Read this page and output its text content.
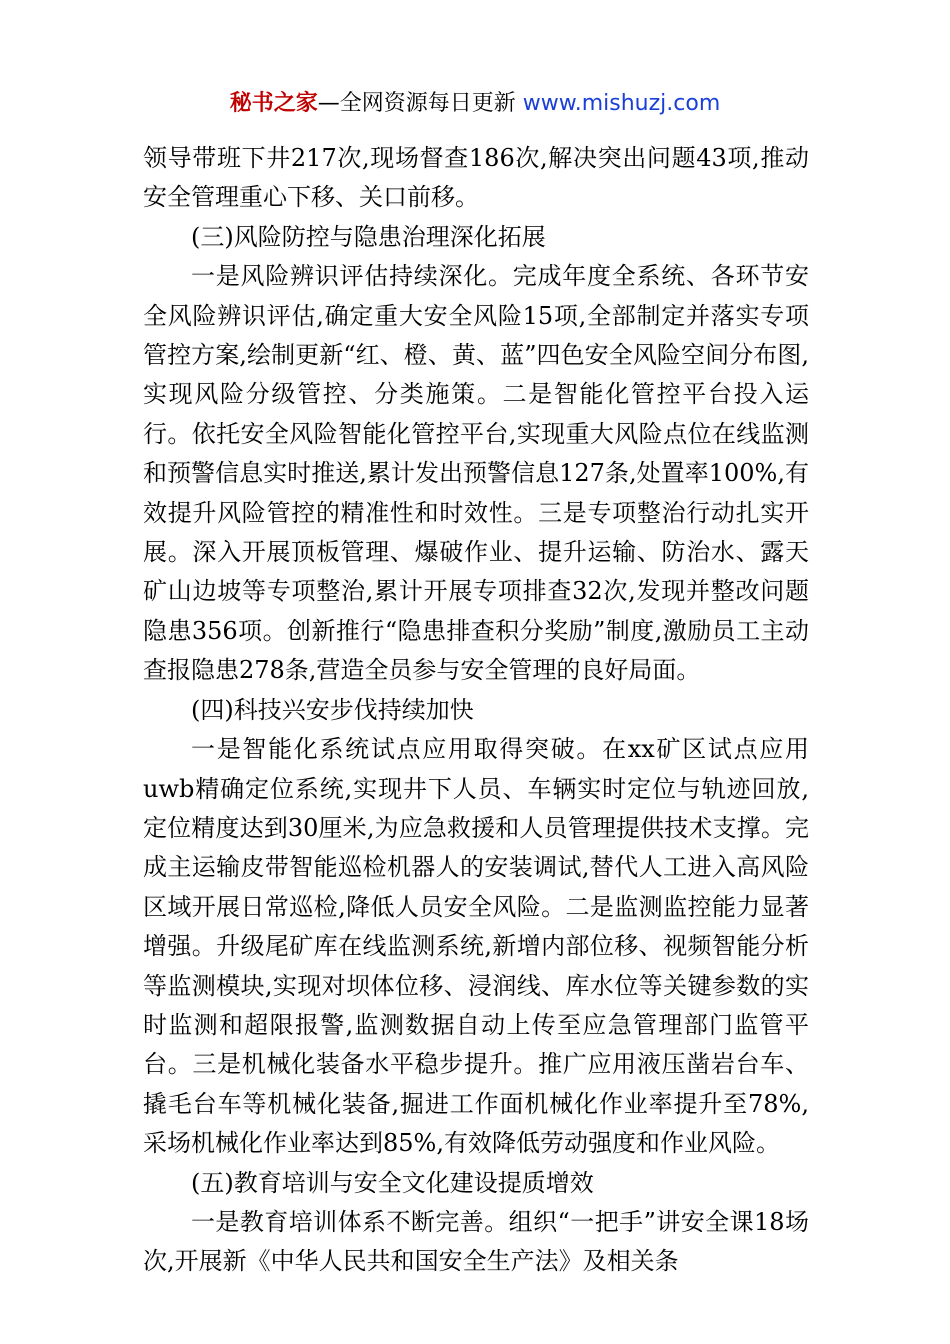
秘书之家—全网资源每日更新 www.mishuzj.com

领导带班下井217次,现场督查186次,解决突出问题43项,推动安全管理重心下移、关口前移。

(三)风险防控与隐患治理深化拓展

一是风险辨识评估持续深化。完成年度全系统、各环节安全风险辨识评估,确定重大安全风险15项,全部制定并落实专项管控方案,绘制更新“红、橙、黄、蓝”四色安全风险空间分布图,实现风险分级管控、分类施策。二是智能化管控平台投入运行。依托安全风险智能化管控平台,实现重大风险点位在线监测和预警信息实时推送,累计发出预警信息127条,处置率100%,有效提升风险管控的精准性和时效性。三是专项整治行动扎实开展。深入开展顶板管理、爆破作业、提升运输、防治水、露天矿山边坡等专项整治,累计开展专项排查32次,发现并整改问题隐患356项。创新推行“隐患排查积分奖励”制度,激励员工主动查报隐患278条,营造全员参与安全管理的良好局面。

(四)科技兴安步伐持续加快

一是智能化系统试点应用取得突破。在xx矿区试点应用uwb精确定位系统,实现井下人员、车辆实时定位与轨迹回放,定位精度达到30厘米,为应急救援和人员管理提供技术支撑。完成主运输皮带智能巡检机器人的安装调试,替代人工进入高风险区域开展日常巡检,降低人员安全风险。二是监测监控能力显著增强。升级尾矿库在线监测系统,新增内部位移、视频智能分析等监测模块,实现对坝体位移、浸润线、库水位等关键参数的实时监测和超限报警,监测数据自动上传至应急管理部门监管平台。三是机械化装备水平稳步提升。推广应用液压凿岩台车、撬毛台车等机械化装备,掘进工作面机械化作业率提升至78%,采场机械化作业率达到85%,有效降低劳动强度和作业风险。

(五)教育培训与安全文化建设提质增效

一是教育培训体系不断完善。组织“一把手”讲安全课18场次,开展新《中华人民共和国安全生产法》及相关条
